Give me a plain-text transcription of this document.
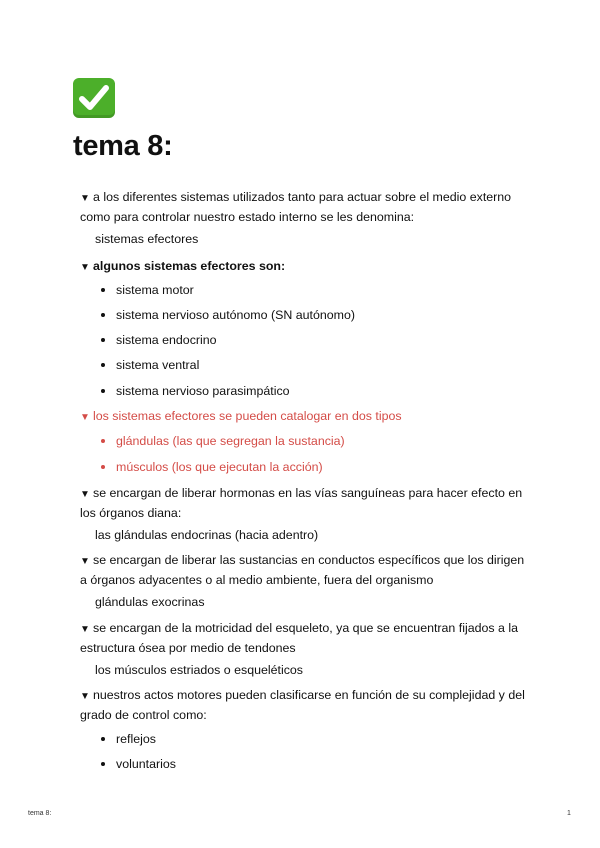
tema 8:

▼ a los diferentes sistemas utilizados tanto para actuar sobre el medio externo como para controlar nuestro estado interno se les denomina:

sistemas efectores

▼ algunos sistemas efectores son:

sistema motor
sistema nervioso autónomo (SN autónomo)
sistema endocrino
sistema ventral
sistema nervioso parasimpático

▼ los sistemas efectores se pueden catalogar en dos tipos

glándulas (las que segregan la sustancia)
músculos (los que ejecutan la acción)

▼ se encargan de liberar hormonas en las vías sanguíneas para hacer efecto en los órganos diana:

las glándulas endocrinas (hacia adentro)

▼ se encargan de liberar las sustancias en conductos específicos que los dirigen a órganos adyacentes o al medio ambiente, fuera del organismo

glándulas exocrinas

▼ se encargan de la motricidad del esqueleto, ya que se encuentran fijados a la estructura ósea por medio de tendones

los músculos estriados o esqueléticos

▼ nuestros actos motores pueden clasificarse en función de su complejidad y del grado de control como:

reflejos
voluntarios
tema 8:	1
